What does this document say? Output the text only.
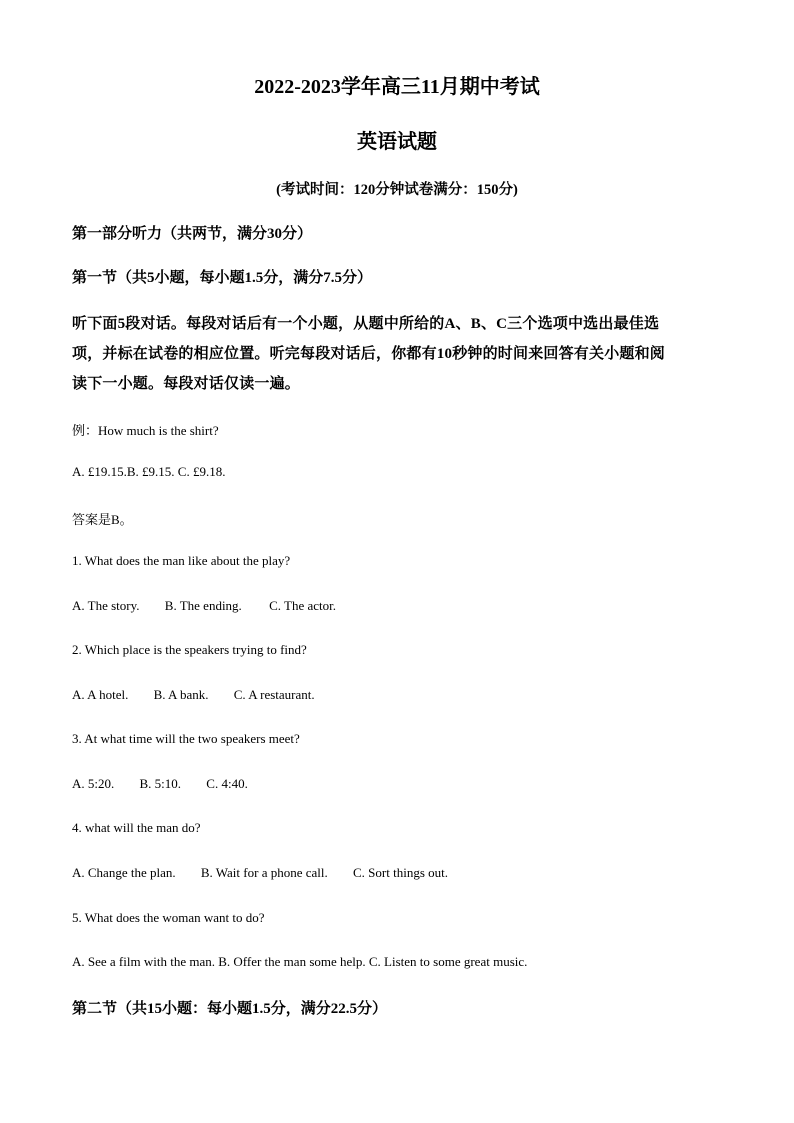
2022-2023学年高三11月期中考试
英语试题
(考试时间：120分钟试卷满分：150分)
第一部分听力（共两节，满分30分）
第一节（共5小题，每小题1.5分，满分7.5分）
听下面5段对话。每段对话后有一个小题，从题中所给的A、B、C三个选项中选出最佳选
项，并标在试卷的相应位置。听完每段对话后，你都有10秒钟的时间来回答有关小题和阅
读下一小题。每段对话仅读一遍。
例：How much is the shirt?
A. £19.15.B. £9.15. C. £9.18.
答案是B。
1. What does the man like about the play?
A. The story. B. The ending. C. The actor.
2. Which place is the speakers trying to find?
A. A hotel. B. A bank. C. A restaurant.
3. At what time will the two speakers meet?
A. 5:20. B. 5:10. C. 4:40.
4. what will the man do?
A. Change the plan. B. Wait for a phone call. C. Sort things out.
5. What does the woman want to do?
A. See a film with the man. B. Offer the man some help. C. Listen to some great music.
第二节（共15小题：每小题1.5分，满分22.5分）
